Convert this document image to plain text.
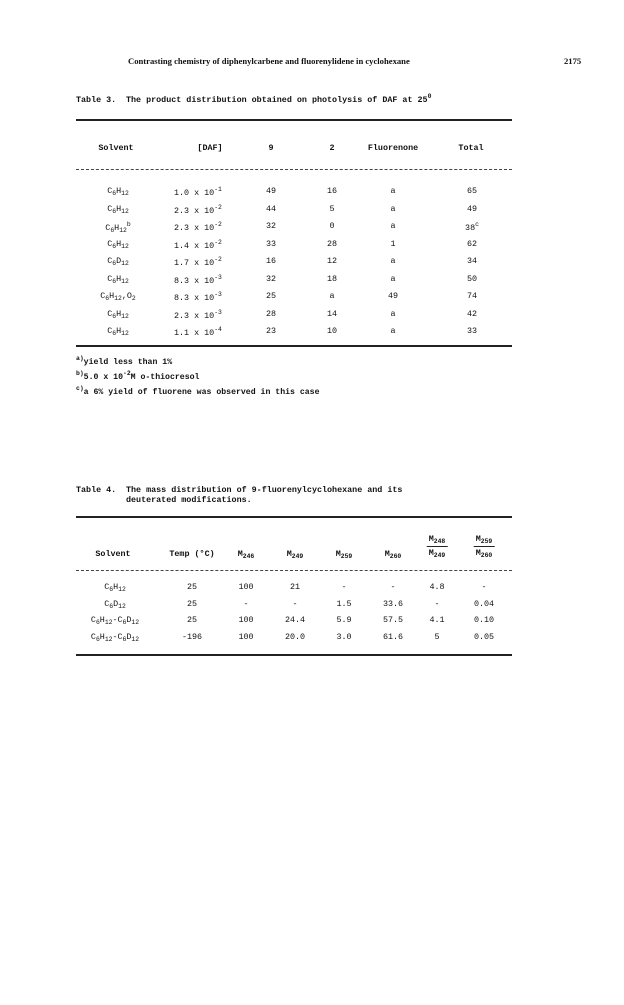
Contrasting chemistry of diphenylcarbene and fluorenylidene in cyclohexane	2175
Table 3. The product distribution obtained on photolysis of DAF at $25^0$
Solvent	[DAF]	9	2	Fluorenone	Total
$C_6H_{12}$	1.0 x $10^{-1}$	49	16	a	65
$C_6H_{12}$	2.3 x $10^{-2}$	44	5	a	49
$C_6H_{12}^b$	2.3 x $10^{-2}$	32	0	a	38$^c$
$C_6H_{12}$	1.4 x $10^{-2}$	33	28	1	62
$C_6D_{12}$	1.7 x $10^{-2}$	16	12	a	34
$C_6H_{12}$	8.3 x $10^{-3}$	32	18	a	50
$C_6H_{12},O_2$	8.3 x $10^{-3}$	25	a	49	74
$C_6H_{12}$	2.3 x $10^{-3}$	28	14	a	42
$C_6H_{12}$	1.1 x $10^{-4}$	23	10	a	33
$^{a)}$yield less than 1%
$^{b)}$5.0 x $10^{-2}M$ o-thiocresol
$^{c)}$a 6% yield of fluorene was observed in this case
Table 4. The mass distribution of 9-fluorenylcyclohexane and its
deuterated modifications.
Solvent	Temp (°C)	$M_{246}$	$M_{249}$	$M_{259}$	$M_{260}$	$\frac{M_{248}}{M_{249}}$	$\frac{M_{259}}{M_{260}}$
$C_6H_{12}$	25	100	21	-	-	4.8	-
$C_6D_{12}$	25	-	-	1.5	33.6	-	0.04
$C_6H_{12}-C_6D_{12}$	25	100	24.4	5.9	57.5	4.1	0.10
$C_6H_{12}-C_6D_{12}$	-196	100	20.0	3.0	61.6	5	0.05
